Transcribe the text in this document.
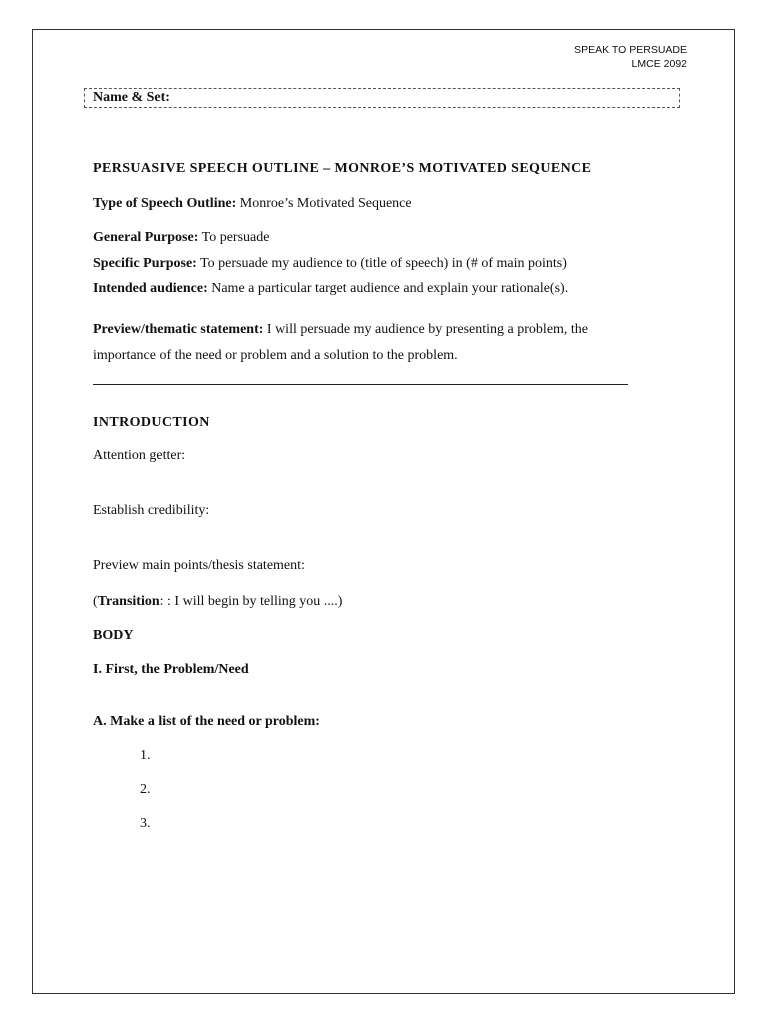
SPEAK TO PERSUADE
LMCE 2092
Name & Set:
PERSUASIVE SPEECH OUTLINE – MONROE’S MOTIVATED SEQUENCE
Type of Speech Outline: Monroe’s Motivated Sequence
General Purpose: To persuade
Specific Purpose: To persuade my audience to (title of speech) in (# of main points)
Intended audience: Name a particular target audience and explain your rationale(s).
Preview/thematic statement: I will persuade my audience by presenting a problem, the
importance of the need or problem and a solution to the problem.
INTRODUCTION
Attention getter:
Establish credibility:
Preview main points/thesis statement:
(Transition: : I will begin by telling you ....)
BODY
I. First, the Problem/Need
A. Make a list of the need or problem:
1.
2.
3.
